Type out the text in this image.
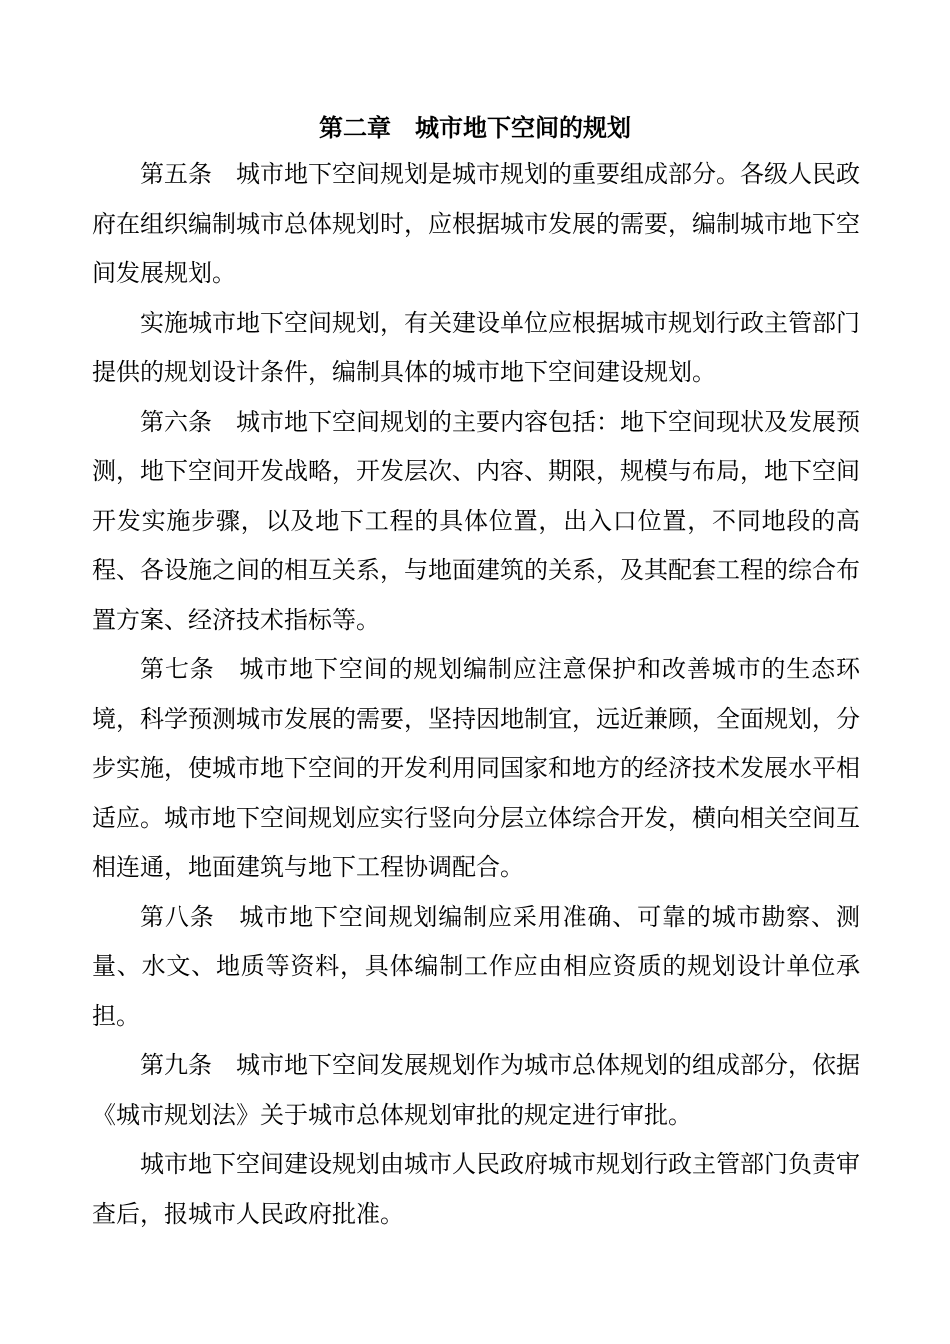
第二章　城市地下空间的规划

第五条　城市地下空间规划是城市规划的重要组成部分。各级人民政府在组织编制城市总体规划时，应根据城市发展的需要，编制城市地下空间发展规划。

实施城市地下空间规划，有关建设单位应根据城市规划行政主管部门提供的规划设计条件，编制具体的城市地下空间建设规划。

第六条　城市地下空间规划的主要内容包括：地下空间现状及发展预测，地下空间开发战略，开发层次、内容、期限，规模与布局，地下空间开发实施步骤，以及地下工程的具体位置，出入口位置，不同地段的高程、各设施之间的相互关系，与地面建筑的关系，及其配套工程的综合布置方案、经济技术指标等。

第七条　城市地下空间的规划编制应注意保护和改善城市的生态环境，科学预测城市发展的需要，坚持因地制宜，远近兼顾，全面规划，分步实施，使城市地下空间的开发利用同国家和地方的经济技术发展水平相适应。城市地下空间规划应实行竖向分层立体综合开发，横向相关空间互相连通，地面建筑与地下工程协调配合。

第八条　城市地下空间规划编制应采用准确、可靠的城市勘察、测量、水文、地质等资料，具体编制工作应由相应资质的规划设计单位承担。

第九条　城市地下空间发展规划作为城市总体规划的组成部分，依据《城市规划法》关于城市总体规划审批的规定进行审批。

城市地下空间建设规划由城市人民政府城市规划行政主管部门负责审查后，报城市人民政府批准。
